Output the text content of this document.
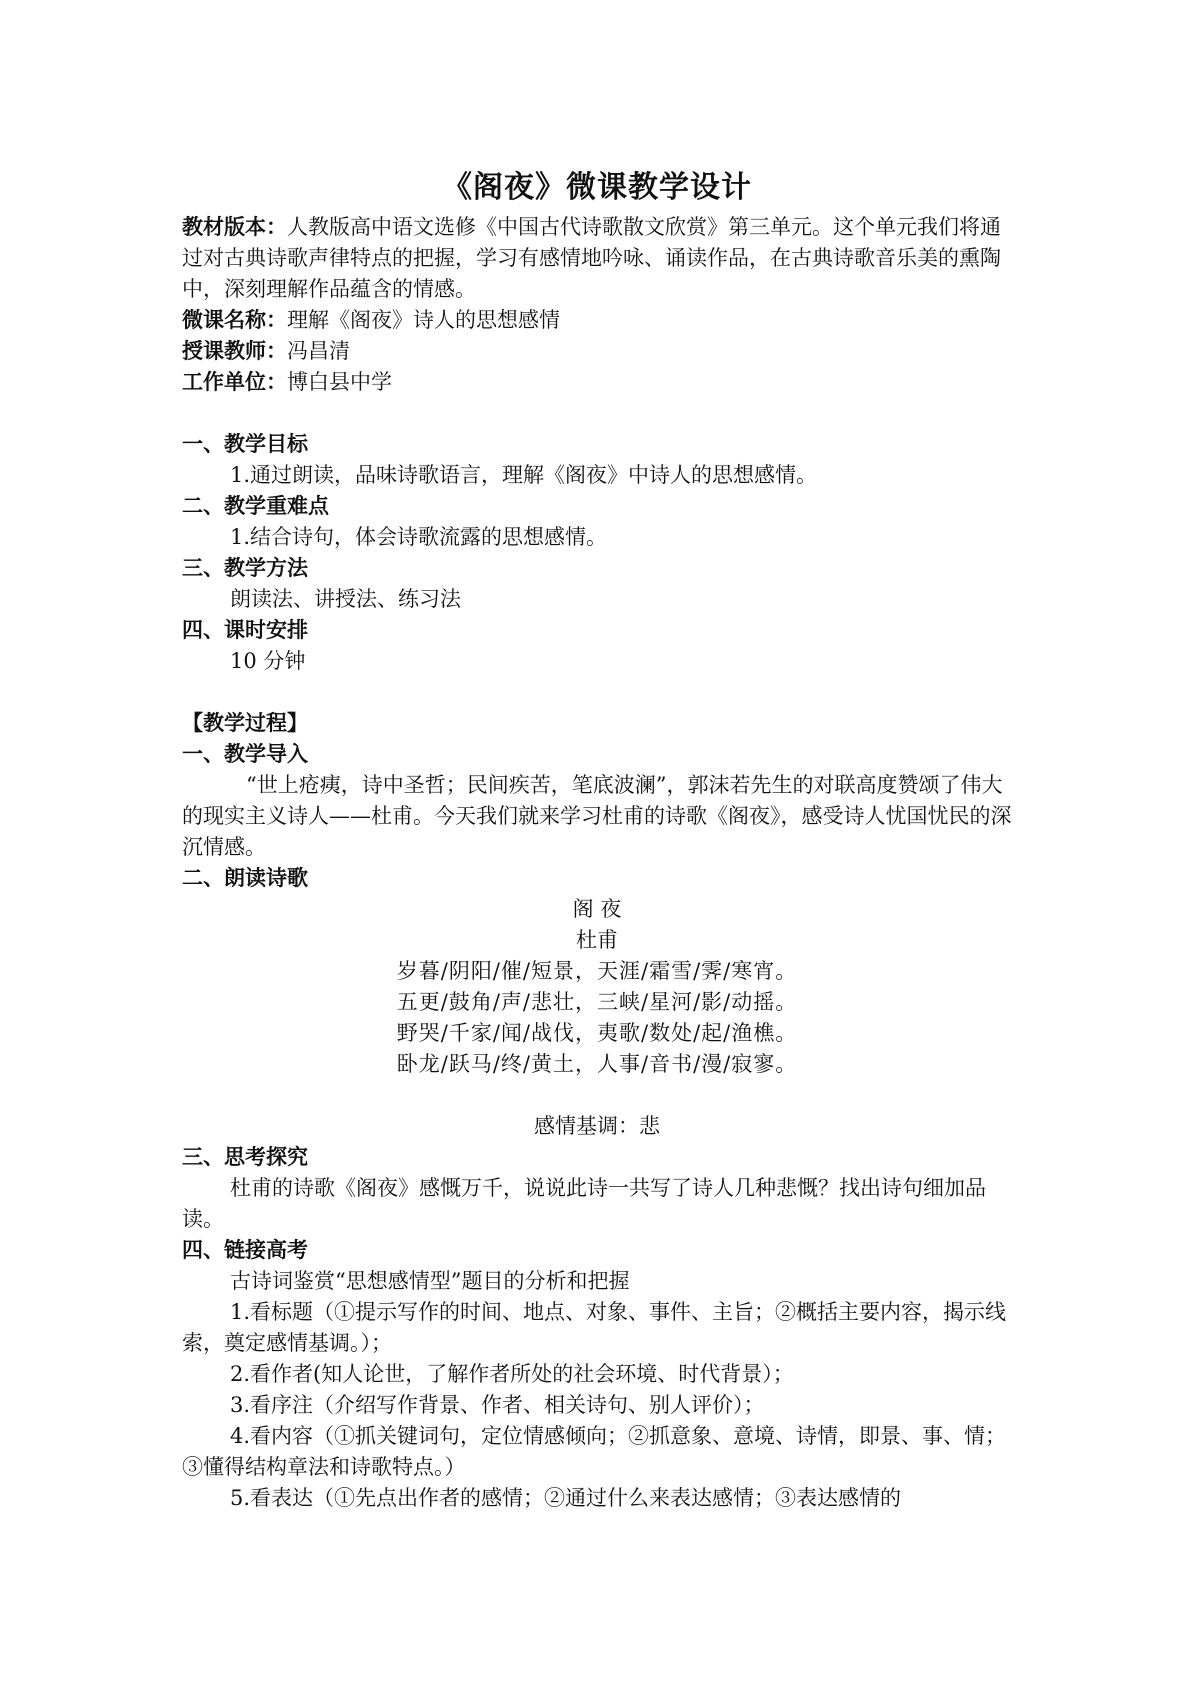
《阁夜》微课教学设计

教材版本：人教版高中语文选修《中国古代诗歌散文欣赏》第三单元。这个单元我们将通过对古典诗歌声律特点的把握，学习有感情地吟咏、诵读作品，在古典诗歌音乐美的熏陶中，深刻理解作品蕴含的情感。

微课名称：理解《阁夜》诗人的思想感情

授课教师：冯昌清

工作单位：博白县中学

一、教学目标

1.通过朗读，品味诗歌语言，理解《阁夜》中诗人的思想感情。

二、教学重难点

1.结合诗句，体会诗歌流露的思想感情。

三、教学方法

朗读法、讲授法、练习法

四、课时安排

10 分钟

【教学过程】

一、教学导入

“世上疮痍，诗中圣哲；民间疾苦，笔底波澜”，郭沫若先生的对联高度赞颂了伟大的现实主义诗人——杜甫。今天我们就来学习杜甫的诗歌《阁夜》，感受诗人忧国忧民的深沉情感。

二、朗读诗歌

阁 夜

杜甫

岁暮/阴阳/催/短景，天涯/霜雪/霁/寒宵。

五更/鼓角/声/悲壮，三峡/星河/影/动摇。

野哭/千家/闻/战伐，夷歌/数处/起/渔樵。

卧龙/跃马/终/黄土，人事/音书/漫/寂寥。

感情基调：悲

三、思考探究

杜甫的诗歌《阁夜》感慨万千，说说此诗一共写了诗人几种悲慨？找出诗句细加品读。

四、链接高考

古诗词鉴赏“思想感情型”题目的分析和把握

1.看标题（①提示写作的时间、地点、对象、事件、主旨；②概括主要内容，揭示线索，奠定感情基调。）；

2.看作者(知人论世，了解作者所处的社会环境、时代背景）；

3.看序注（介绍写作背景、作者、相关诗句、别人评价）；

4.看内容（①抓关键词句，定位情感倾向；②抓意象、意境、诗情，即景、事、情；③懂得结构章法和诗歌特点。）

5.看表达（①先点出作者的感情；②通过什么来表达感情；③表达感情的
